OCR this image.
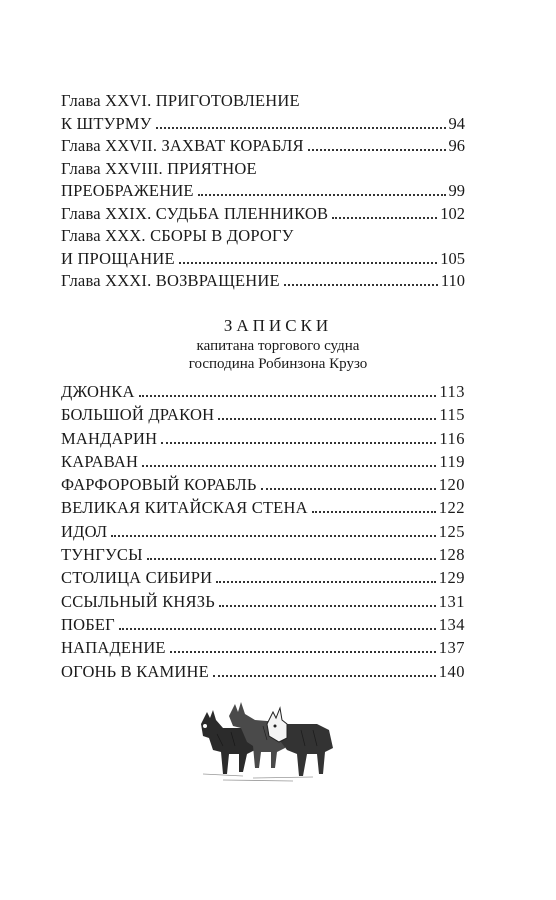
Глава XXVI. ПРИГОТОВЛЕНИЕ
К ШТУРМУ	94
Глава XXVII. ЗАХВАТ КОРАБЛЯ	96
Глава XXVIII. ПРИЯТНОЕ
ПРЕОБРАЖЕНИЕ	99
Глава XXIX. СУДЬБА ПЛЕННИКОВ	102
Глава XXX. СБОРЫ В ДОРОГУ
И ПРОЩАНИЕ	105
Глава XXXI. ВОЗВРАЩЕНИЕ	110
ЗАПИСКИ
капитана торгового судна
господина Робинзона Крузо
ДЖОНКА	113
БОЛЬШОЙ ДРАКОН	115
МАНДАРИН	116
КАРАВАН	119
ФАРФОРОВЫЙ КОРАБЛЬ	120
ВЕЛИКАЯ КИТАЙСКАЯ СТЕНА	122
ИДОЛ	125
ТУНГУСЫ	128
СТОЛИЦА СИБИРИ	129
ССЫЛЬНЫЙ КНЯЗЬ	131
ПОБЕГ	134
НАПАДЕНИЕ	137
ОГОНЬ В КАМИНЕ	140
